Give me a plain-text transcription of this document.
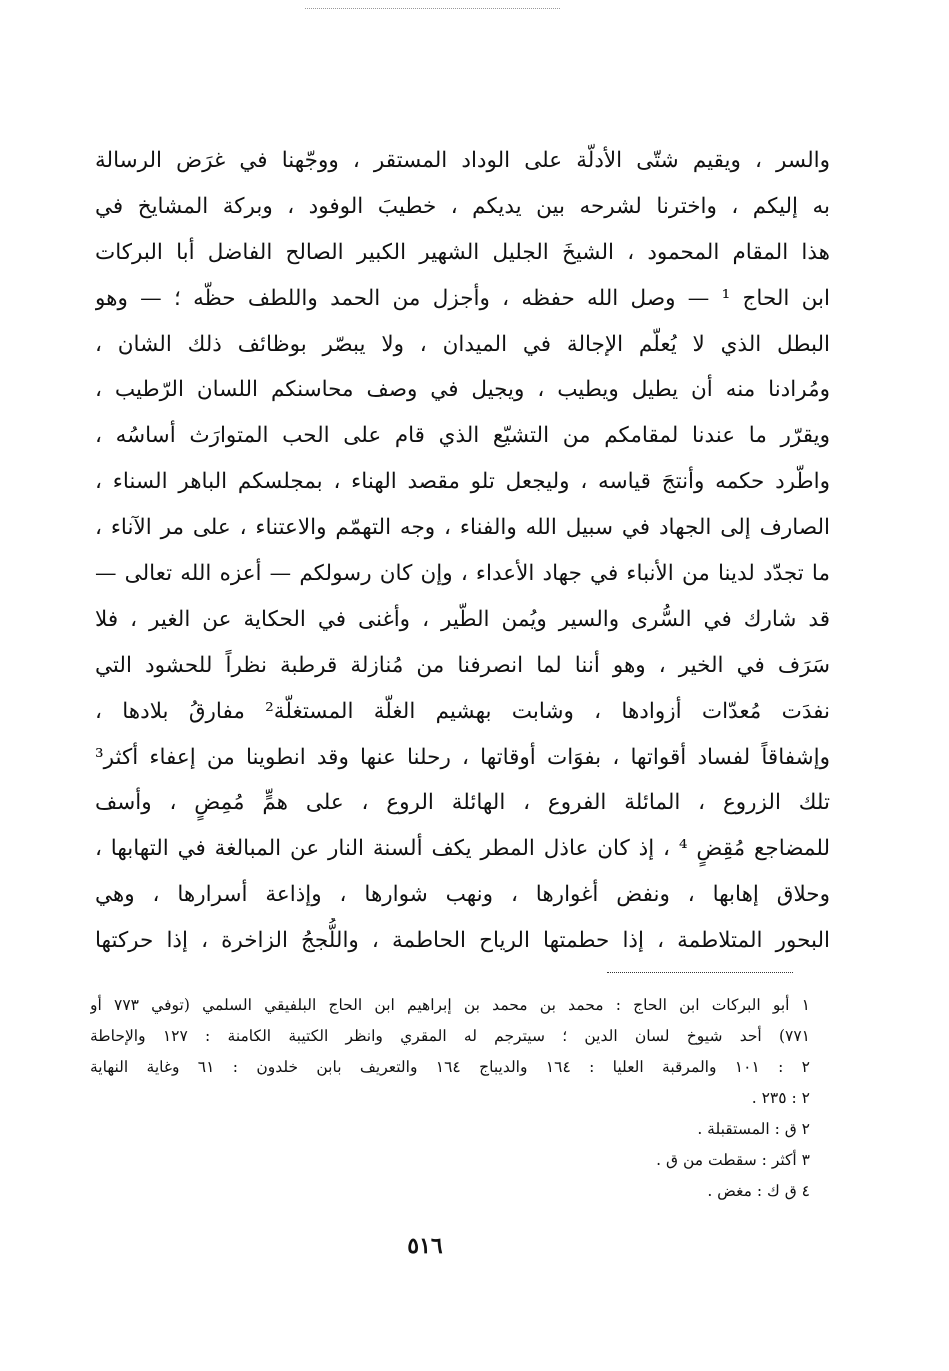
والسر ، ويقيم شتّى الأدلّة على الوداد المستقر ، ووجّهنا في غرَض الرسالة
به إليكم ، واخترنا لشرحه بين يديكم ، خطيبَ الوفود ، وبركة المشايخ في
هذا المقام المحمود ، الشيخَ الجليل الشهير الكبير الصالح الفاضل أبا البركات
ابن الحاج ¹ — وصل الله حفظه ، وأجزل من الحمد واللطف حظّه ؛ — وهو
البطل الذي لا يُعلّم الإجالة في الميدان ، ولا يبصّر بوظائف ذلك الشان ،
ومُرادنا منه أن يطيل ويطيب ، ويجيل في وصف محاسنكم اللسان الرّطيب ،
ويقرّر ما عندنا لمقامكم من التشيّع الذي قام على الحب المتوارَث أساسُه ،
واطّرد حكمه وأنتجَ قياسه ، وليجعل تلو مقصد الهناء ، بمجلسكم الباهر السناء ،
الصارف إلى الجهاد في سبيل الله والفناء ، وجه التهمّم والاعتناء ، على مر الآناء ،
ما تجدّد لدينا من الأنباء في جهاد الأعداء ، وإن كان رسولكم — أعزه الله تعالى —
قد شارك في السُّرى والسير ويُمن الطّير ، وأغنى في الحكاية عن الغير ، فلا
سَرَف في الخير ، وهو أننا لما انصرفنا من مُنازلة قرطبة نظراً للحشود التي
نفدَت مُعدّات أزوادها ، وشابت بهشيم الغلّة المستغلّة² مفارقُ بلادها ،
وإشفاقاً لفساد أقواتها ، بفوَات أوقاتها ، رحلنا عنها وقد انطوينا من إعفاء أكثر³
تلك الزروع ، المائلة الفروع ، الهائلة الروع ، على همٍّ مُمِضٍ ، وأسف
للمضاجع مُقِضٍ ⁴ ، إذ كان عاذل المطر يكف ألسنة النار عن المبالغة في التهابها ،
وحلاق إهابها ، ونفض أغوارها ، ونهب شوارها ، وإذاعة أسرارها ، وهي
البحور المتلاطمة ، إذا حطمتها الرياح الحاطمة ، واللُّججُ الزاخرة ، إذا حركتها
١ أبو البركات ابن الحاج : محمد بن محمد بن إبراهيم ابن الحاج البلفيقي السلمي (توفي ٧٧٣ أو
٧٧١) أحد شيوخ لسان الدين ؛ سيترجم له المقري وانظر الكتيبة الكامنة : ١٢٧ والإحاطة
٢ : ١٠١ والمرقبة العليا : ١٦٤ والديباج ١٦٤ والتعريف بابن خلدون : ٦١ وغاية النهاية
٢ : ٢٣٥ .
٢ ق : المستقبلة .
٣ أكثر : سقطت من ق .
٤ ق ك : مغض .
٥١٦
